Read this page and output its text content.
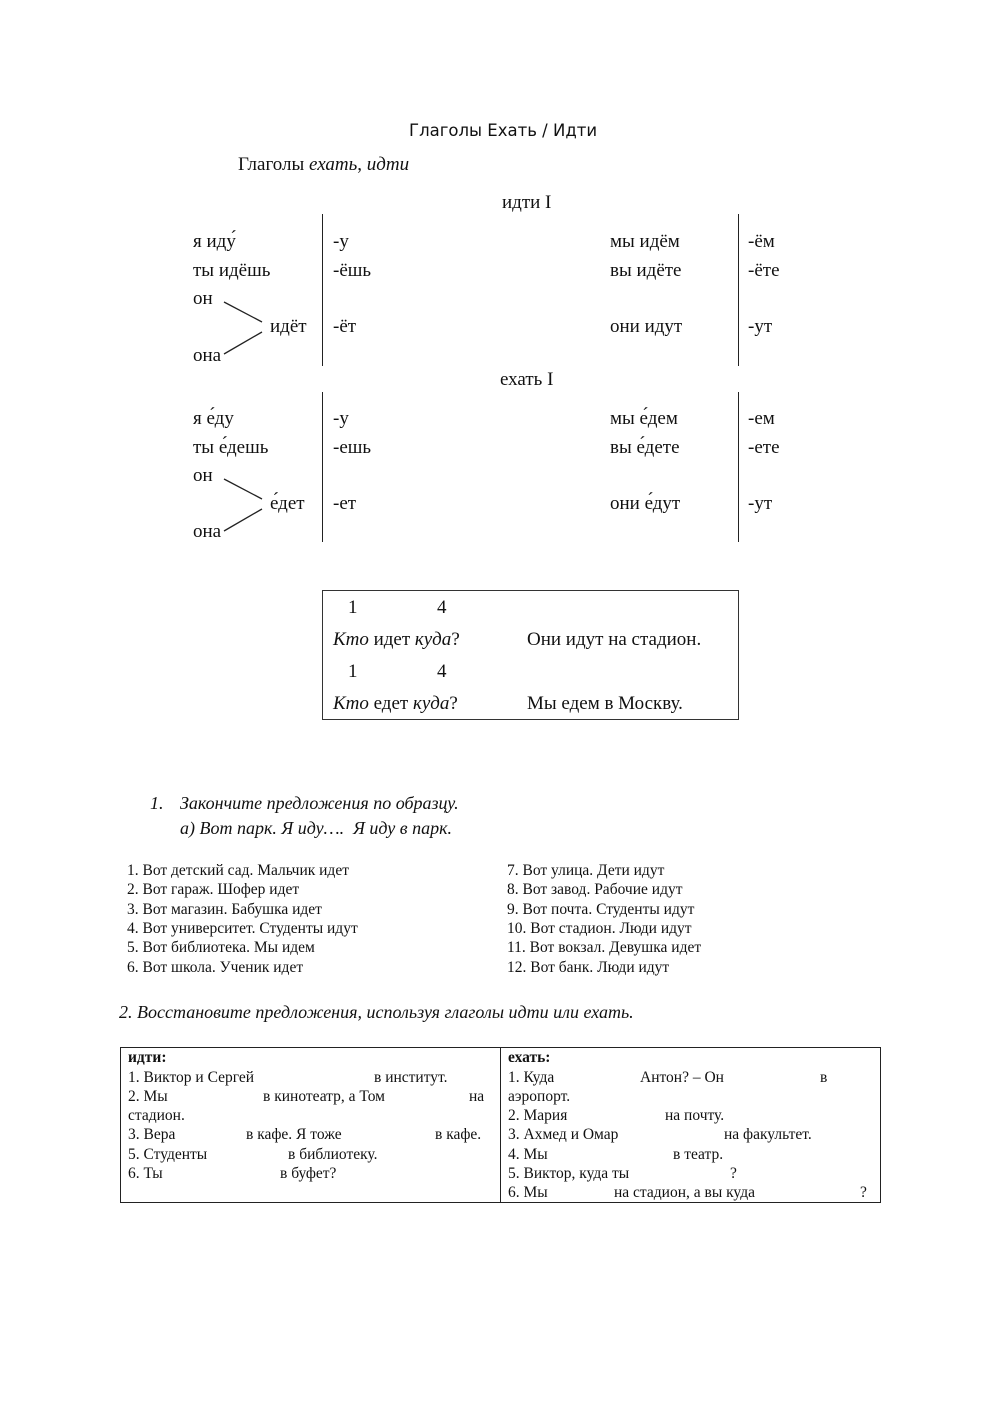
Глаголы Ехать / Идти
Глаголы ехать, идти
идти I
я иду́	-у	мы идём	-ём
ты идёшь	-ёшь	вы идёте	-ёте
он
идёт -ёт	они идут	-ут
она
ехать I
я е́ду	-у	мы е́дем	-ем
ты е́дешь	-ешь	вы е́дете	-ете
он
е́дет -ет	они е́дут	-ут
она
1	4
Кто идет куда?	Они идут на стадион.
1	4
Кто едет куда?	Мы едем в Москву.
1. Закончите предложения по образцу.
а) Вот парк. Я иду….  Я иду в парк.
1. Вот детский сад. Мальчик идет
2. Вот гараж. Шофер идет
3. Вот магазин. Бабушка идет
4. Вот университет. Студенты идут
5. Вот библиотека. Мы идем
6. Вот школа. Ученик идет
7. Вот улица. Дети идут
8. Вот завод. Рабочие идут
9. Вот почта. Студенты идут
10. Вот стадион. Люди идут
11. Вот вокзал. Девушка идет
12. Вот банк. Люди идут
2. Восстановите предложения, используя глаголы идти или ехать.
идти:
1. Виктор и Сергей	в институт.
2. Мы	в кинотеатр, а Том	на
стадион.
3. Вера	в кафе. Я тоже	в кафе.
5. Студенты	в библиотеку.
6. Ты	в буфет?
ехать:
1. Куда	Антон? – Он	в
аэропорт.
2. Мария	на почту.
3. Ахмед и Омар	на факультет.
4. Мы	в театр.
5. Виктор, куда ты	?
6. Мы	на стадион, а вы куда	?
